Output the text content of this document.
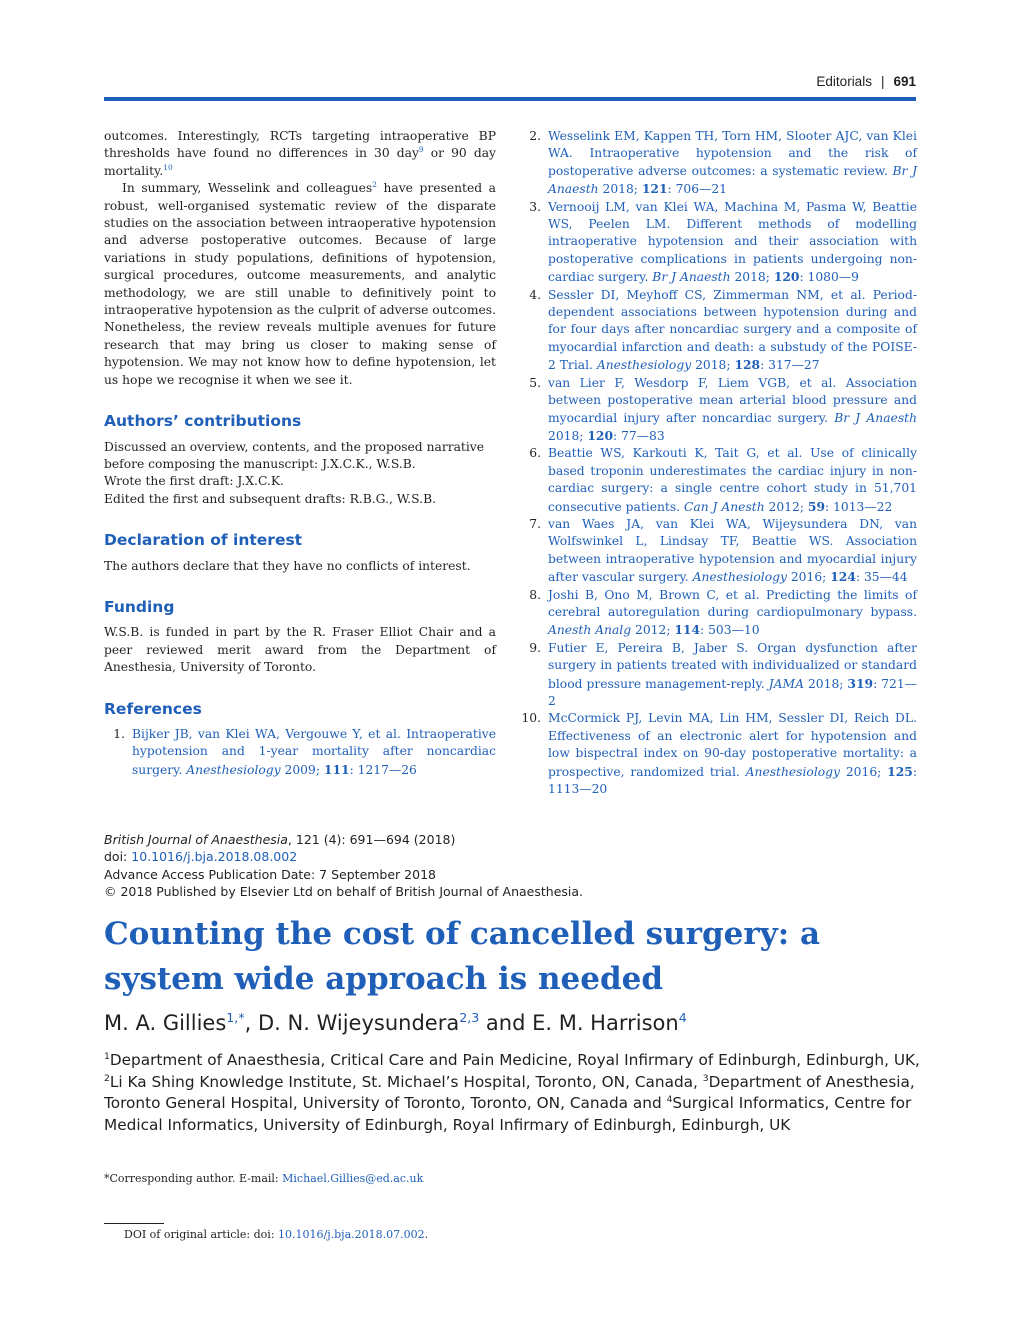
Editorials | 691

outcomes. Interestingly, RCTs targeting intraoperative BP thresholds have found no differences in 30 day$^9$ or 90 day mortality.$^{10}$

In summary, Wesselink and colleagues$^2$ have presented a robust, well-organised systematic review of the disparate studies on the association between intraoperative hypotension and adverse postoperative outcomes. Because of large variations in study populations, definitions of hypotension, surgical procedures, outcome measurements, and analytic methodology, we are still unable to definitively point to intraoperative hypotension as the culprit of adverse outcomes. Nonetheless, the review reveals multiple avenues for future research that may bring us closer to making sense of hypotension. We may not know how to define hypotension, let us hope we recognise it when we see it.

Authors’ contributions

Discussed an overview, contents, and the proposed narrative before composing the manuscript: J.X.C.K., W.S.B.

Wrote the first draft: J.X.C.K.

Edited the first and subsequent drafts: R.B.G., W.S.B.

Declaration of interest

The authors declare that they have no conflicts of interest.

Funding

W.S.B. is funded in part by the R. Fraser Elliot Chair and a peer reviewed merit award from the Department of Anesthesia, University of Toronto.

References
1. Bijker JB, van Klei WA, Vergouwe Y, et al. Intraoperative hypotension and 1-year mortality after noncardiac surgery. Anesthesiology 2009; 111: 1217—26
2. Wesselink EM, Kappen TH, Torn HM, Slooter AJC, van Klei WA. Intraoperative hypotension and the risk of postoperative adverse outcomes: a systematic review. Br J Anaesth 2018; 121: 706—21
3. Vernooij LM, van Klei WA, Machina M, Pasma W, Beattie WS, Peelen LM. Different methods of modelling intraoperative hypotension and their association with postoperative complications in patients undergoing non-cardiac surgery. Br J Anaesth 2018; 120: 1080—9
4. Sessler DI, Meyhoff CS, Zimmerman NM, et al. Period-dependent associations between hypotension during and for four days after noncardiac surgery and a composite of myocardial infarction and death: a substudy of the POISE-2 Trial. Anesthesiology 2018; 128: 317—27
5. van Lier F, Wesdorp F, Liem VGB, et al. Association between postoperative mean arterial blood pressure and myocardial injury after noncardiac surgery. Br J Anaesth 2018; 120: 77—83
6. Beattie WS, Karkouti K, Tait G, et al. Use of clinically based troponin underestimates the cardiac injury in non-cardiac surgery: a single centre cohort study in 51,701 consecutive patients. Can J Anesth 2012; 59: 1013—22
7. van Waes JA, van Klei WA, Wijeysundera DN, van Wolfswinkel L, Lindsay TF, Beattie WS. Association between intraoperative hypotension and myocardial injury after vascular surgery. Anesthesiology 2016; 124: 35—44
8. Joshi B, Ono M, Brown C, et al. Predicting the limits of cerebral autoregulation during cardiopulmonary bypass. Anesth Analg 2012; 114: 503—10
9. Futier E, Pereira B, Jaber S. Organ dysfunction after surgery in patients treated with individualized or standard blood pressure management-reply. JAMA 2018; 319: 721—2
10. McCormick PJ, Levin MA, Lin HM, Sessler DI, Reich DL. Effectiveness of an electronic alert for hypotension and low bispectral index on 90-day postoperative mortality: a prospective, randomized trial. Anesthesiology 2016; 125: 1113—20
British Journal of Anaesthesia, 121 (4): 691—694 (2018)
doi: 10.1016/j.bja.2018.08.002
Advance Access Publication Date: 7 September 2018
© 2018 Published by Elsevier Ltd on behalf of British Journal of Anaesthesia.
Counting the cost of cancelled surgery: a system wide approach is needed
M. A. Gillies$^{1,*}$, D. N. Wijeysundera$^{2,3}$ and E. M. Harrison$^4$
$^1$Department of Anaesthesia, Critical Care and Pain Medicine, Royal Infirmary of Edinburgh, Edinburgh, UK, $^2$Li Ka Shing Knowledge Institute, St. Michael’s Hospital, Toronto, ON, Canada, $^3$Department of Anesthesia, Toronto General Hospital, University of Toronto, Toronto, ON, Canada and $^4$Surgical Informatics, Centre for Medical Informatics, University of Edinburgh, Royal Infirmary of Edinburgh, Edinburgh, UK
*Corresponding author. E-mail: Michael.Gillies@ed.ac.uk
DOI of original article: doi: 10.1016/j.bja.2018.07.002.
